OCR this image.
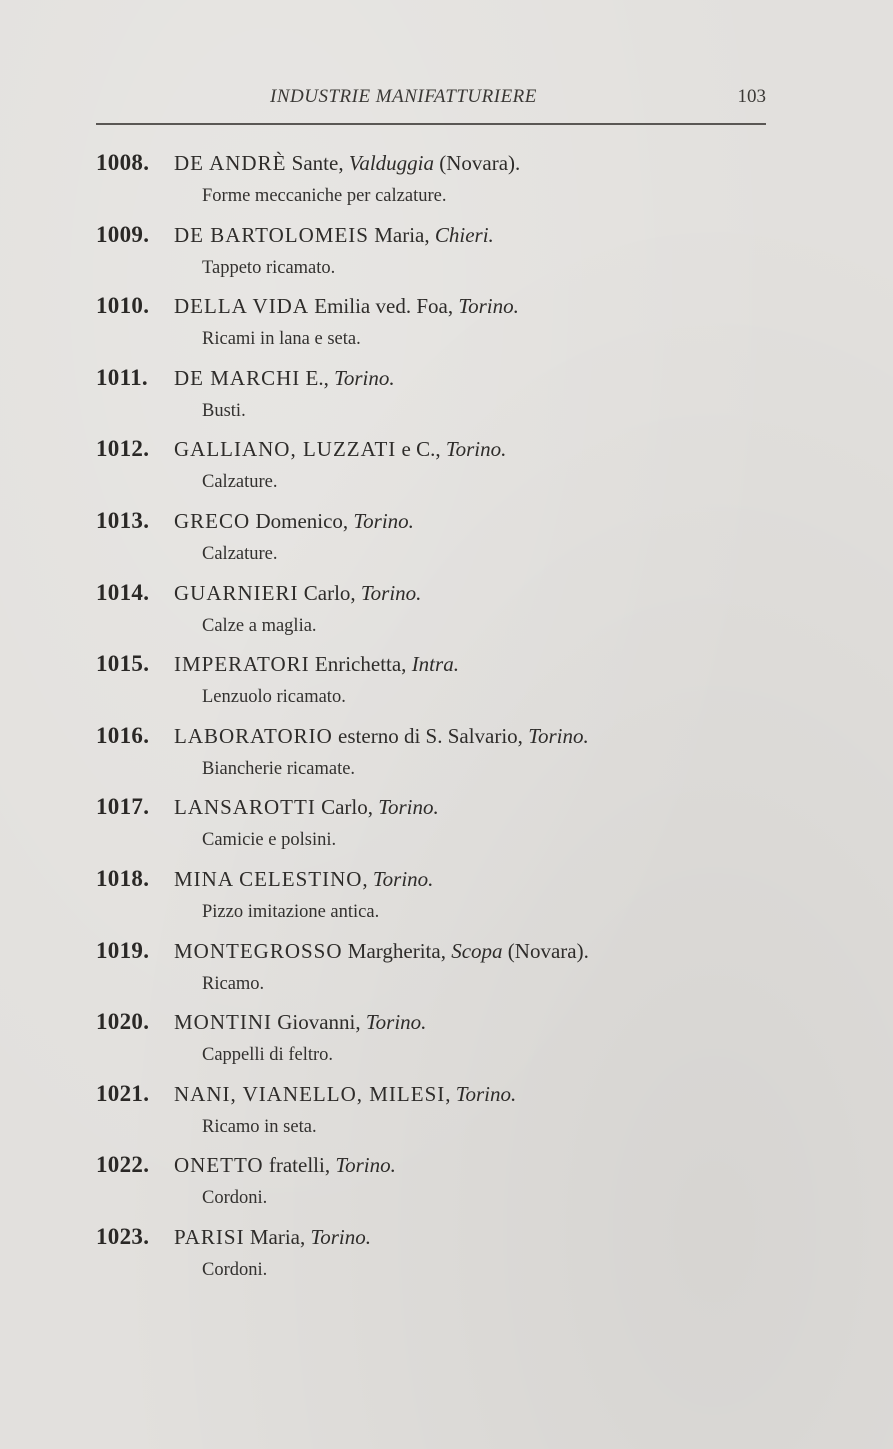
INDUSTRIE MANIFATTURIERE	103
1008. DE ANDRÈ Sante, Valduggia (Novara).
Forme meccaniche per calzature.
1009. DE BARTOLOMEIS Maria, Chieri.
Tappeto ricamato.
1010. DELLA VIDA Emilia ved. Foa, Torino.
Ricami in lana e seta.
1011. DE MARCHI E., Torino.
Busti.
1012. GALLIANO, LUZZATI e C., Torino.
Calzature.
1013. GRECO Domenico, Torino.
Calzature.
1014. GUARNIERI Carlo, Torino.
Calze a maglia.
1015. IMPERATORI Enrichetta, Intra.
Lenzuolo ricamato.
1016. LABORATORIO esterno di S. Salvario, Torino.
Biancherie ricamate.
1017. LANSAROTTI Carlo, Torino.
Camicie e polsini.
1018. MINA CELESTINO, Torino.
Pizzo imitazione antica.
1019. MONTEGROSSO Margherita, Scopa (Novara).
Ricamo.
1020. MONTINI Giovanni, Torino.
Cappelli di feltro.
1021. NANI, VIANELLO, MILESI, Torino.
Ricamo in seta.
1022. ONETTO fratelli, Torino.
Cordoni.
1023. PARISI Maria, Torino.
Cordoni.
